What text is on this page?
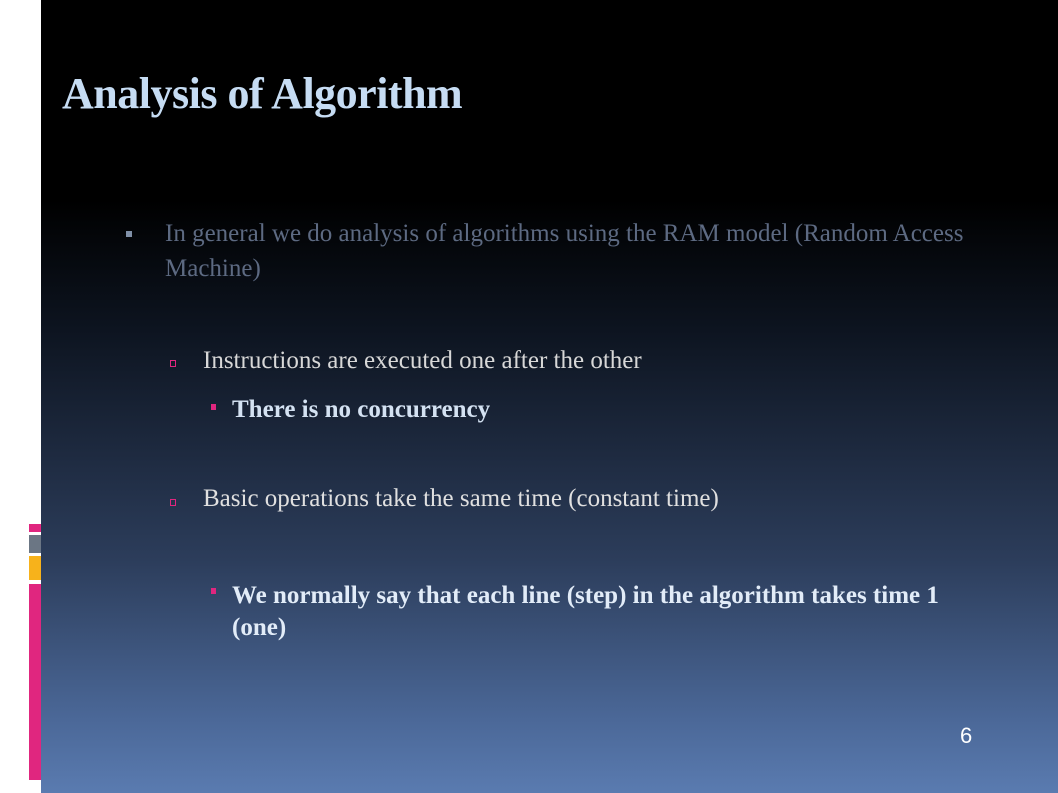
Analysis of Algorithm
In general we do analysis of algorithms using the RAM model (Random Access Machine)
Instructions are executed one after the other
There is no concurrency
Basic operations take the same time (constant time)
We normally say that each line (step) in the algorithm takes time 1 (one)
6
